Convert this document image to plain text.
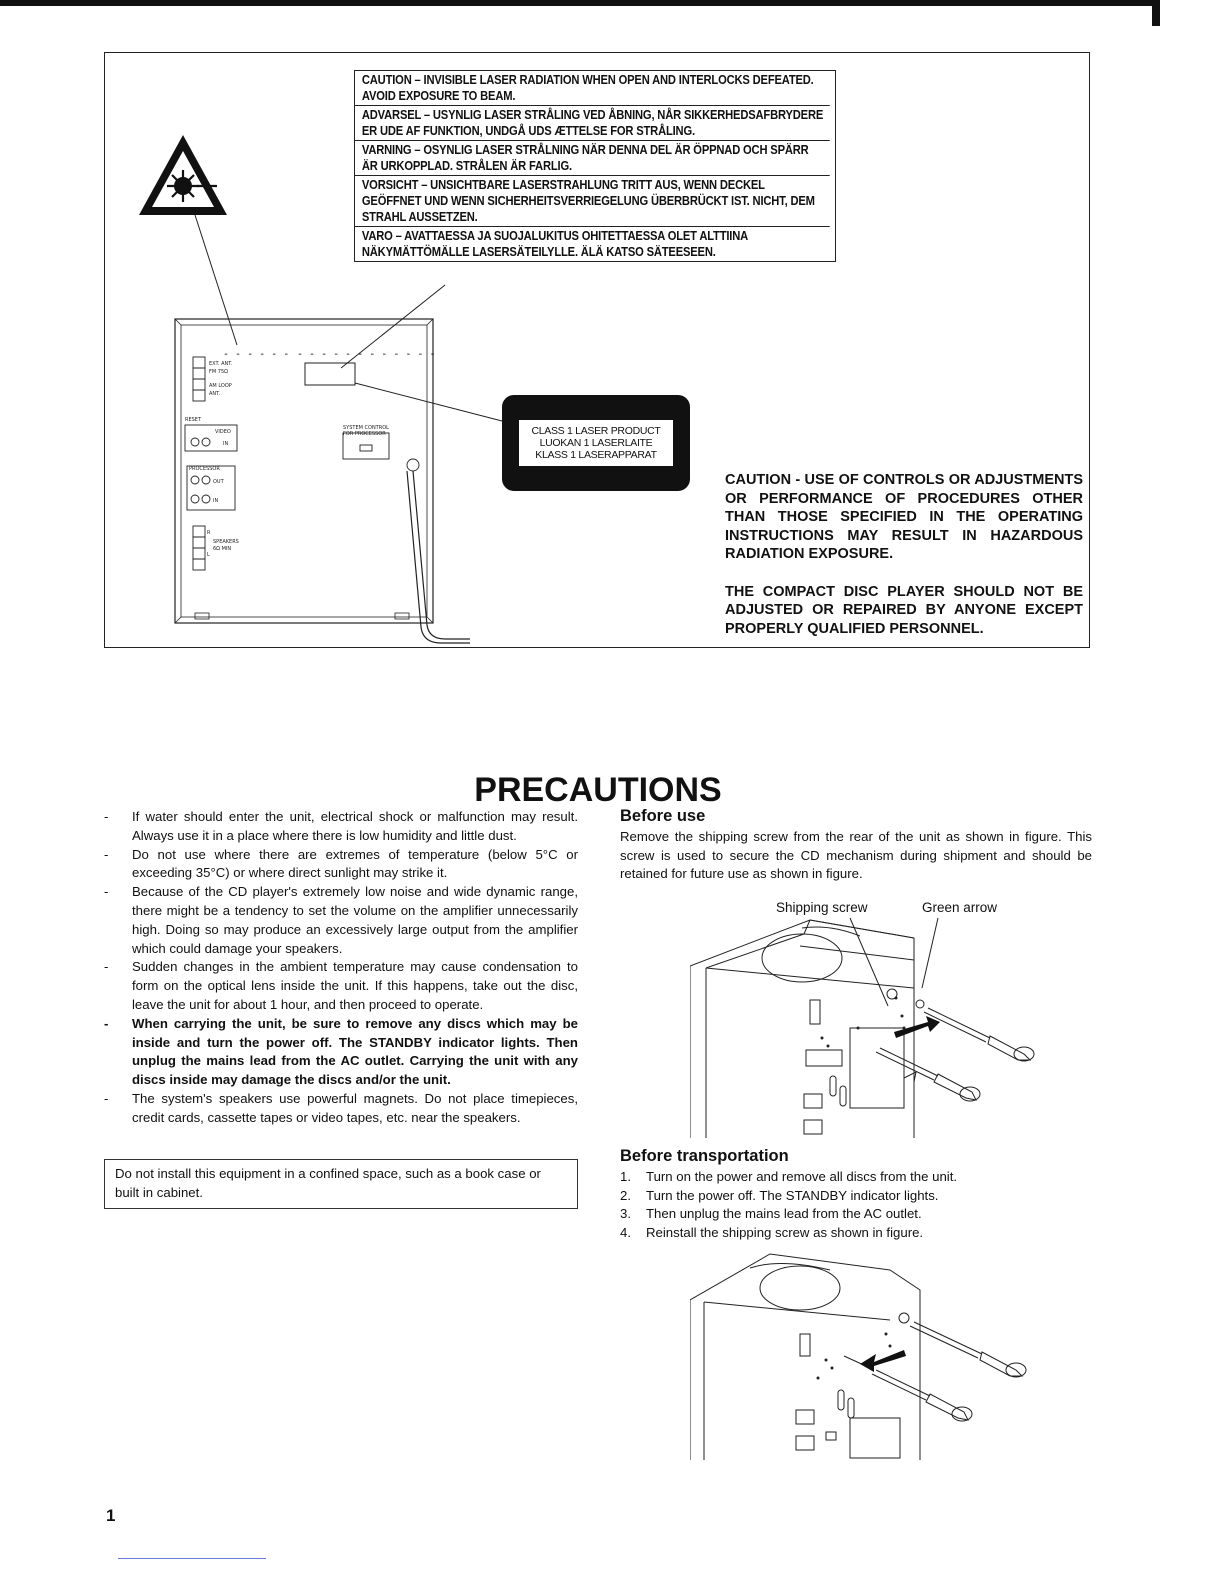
- - - - - - - - - - - - - - - - - -
EXT. ANT.
FM 75Ω
AM LOOP
ANT.
RESET
VIDEO
IN
SYSTEM CONTROL
FOR PROCESSOR
PROCESSOR
OUT
IN
SPEAKERS
6Ω MIN
R
L
CAUTION – INVISIBLE LASER RADIATION WHEN OPEN AND INTERLOCKS DEFEATED. AVOID EXPOSURE TO BEAM.
ADVARSEL – USYNLIG LASER STRÅLING VED ÅBNING, NÅR SIKKERHEDSAFBRYDERE ER UDE AF FUNKTION, UNDGÅ UDS ÆTTELSE FOR STRÅLING.
VARNING – OSYNLIG LASER STRÅLNING NÄR DENNA DEL ÄR ÖPPNAD OCH SPÄRR ÄR URKOPPLAD. STRÅLEN ÄR FARLIG.
VORSICHT – UNSICHTBARE LASERSTRAHLUNG TRITT AUS, WENN DECKEL GEÖFFNET UND WENN SICHERHEITSVERRIEGELUNG ÜBERBRÜCKT IST. NICHT, DEM STRAHL AUSSETZEN.
VARO – AVATTAESSA JA SUOJALUKITUS OHITETTAESSA OLET ALTTIINA NÄKYMÄTTÖMÄLLE LASERSÄTEILYLLE. ÄLÄ KATSO SÄTEESEEN.
CLASS 1 LASER PRODUCT
LUOKAN 1 LASERLAITE
KLASS 1 LASERAPPARAT

CAUTION - USE OF CONTROLS OR ADJUSTMENTS OR PERFORMANCE OF PROCEDURES OTHER THAN THOSE SPECIFIED IN THE OPERATING INSTRUCTIONS MAY RESULT IN HAZARDOUS RADIATION EXPOSURE.

THE COMPACT DISC PLAYER SHOULD NOT BE ADJUSTED OR REPAIRED BY ANYONE EXCEPT PROPERLY QUALIFIED PERSONNEL.

PRECAUTIONS
- If water should enter the unit, electrical shock or malfunction may result. Always use it in a place where there is low humidity and little dust.
- Do not use where there are extremes of temperature (below 5°C or exceeding 35°C) or where direct sunlight may strike it.
- Because of the CD player's extremely low noise and wide dynamic range, there might be a tendency to set the volume on the amplifier unnecessarily high. Doing so may produce an excessively large output from the amplifier which could damage your speakers.
- Sudden changes in the ambient temperature may cause condensation to form on the optical lens inside the unit. If this happens, take out the disc, leave the unit for about 1 hour, and then proceed to operate.
- When carrying the unit, be sure to remove any discs which may be inside and turn the power off. The STANDBY indicator lights. Then unplug the mains lead from the AC outlet. Carrying the unit with any discs inside may damage the discs and/or the unit.
- The system's speakers use powerful magnets. Do not place timepieces, credit cards, cassette tapes or video tapes, etc. near the speakers.
Do not install this equipment in a confined space, such as a book case or built in cabinet.
Before use

Remove the shipping screw from the rear of the unit as shown in figure. This screw is used to secure the CD mechanism during shipment and should be retained for future use as shown in figure.

Shipping screw	Green arrow
Before transportation
1. Turn on the power and remove all discs from the unit.
2. Turn the power off. The STANDBY indicator lights.
3. Then unplug the mains lead from the AC outlet.
4. Reinstall the shipping screw as shown in figure.
1
